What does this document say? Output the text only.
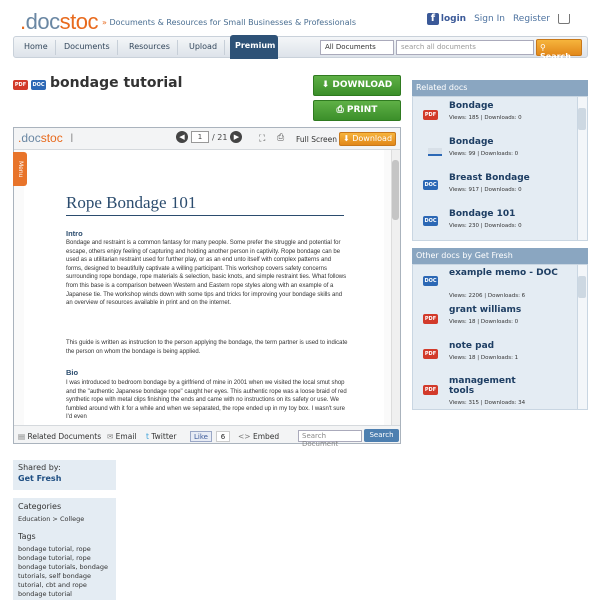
.docstoc
»	Documents & Resources for Small Businesses & Professionals	f login Sign In Register
Home	Documents	Resources	Upload	Premium	All Documents	search all documents	⚲ Search
PDF	DOC bondage tutorial	⬇ DOWNLOAD
⎙ PRINT
.docstoc I	◀	1	/ 21 ▶	⛶ ⎙ Full Screen ⬇ Download
Menu
Rope Bondage 101
Intro
Bondage and restraint is a common fantasy for many people. Some prefer the struggle and potential for escape, others enjoy feeling of capturing and holding another person in captivity. Rope bondage can be used as a utilitarian restraint used for further play, or as an end unto itself with complex patterns and forms, designed to beautifully captivate a willing participant. This workshop covers safety concerns surrounding rope bondage, rope materials & selection, basic knots, and simple restraint ties. What follows from this base is a comparison between Western and Eastern rope styles along with an example of a Japanese tie. The workshop winds down with some tips and tricks for improving your bondage skills and an overview of resources available in print and on the internet.
This guide is written as instruction to the person applying the bondage, the term partner is used to indicate the person on whom the bondage is being applied.
Bio
I was introduced to bedroom bondage by a girlfriend of mine in 2001 when we visited the local smut shop and the "authentic Japanese bondage rope" caught her eyes. This authentic rope was a loose braid of red synthetic rope with metal clips finishing the ends and came with no instructions on its safety or use. We fumbled around with it for a while and when we separated, the rope ended up in my toy box. I wasn't sure I'd even
▤ Related Documents ✉ Email t Twitter	Like	6	<> Embed	Search Document
Search
Related docs
PDF
Bondage
Views: 185 | Downloads: 0
Bondage
Views: 99 | Downloads: 0
DOC
Breast Bondage
Views: 917 | Downloads: 0
DOC
Bondage 101
Views: 230 | Downloads: 0
Other docs by Get Fresh
DOC
example memo - DOC
Views: 2206 | Downloads: 6
PDF
grant williams
Views: 18 | Downloads: 0
PDF
note pad
Views: 18 | Downloads: 1
PDF
management tools
Views: 315 | Downloads: 34
Shared by:
Get Fresh
Categories
Education > College
Tags
bondage tutorial, rope bondage tutorial, rope bondage tutorials, bondage tutorials, self bondage tutorial, cbt and rope bondage tutorial
